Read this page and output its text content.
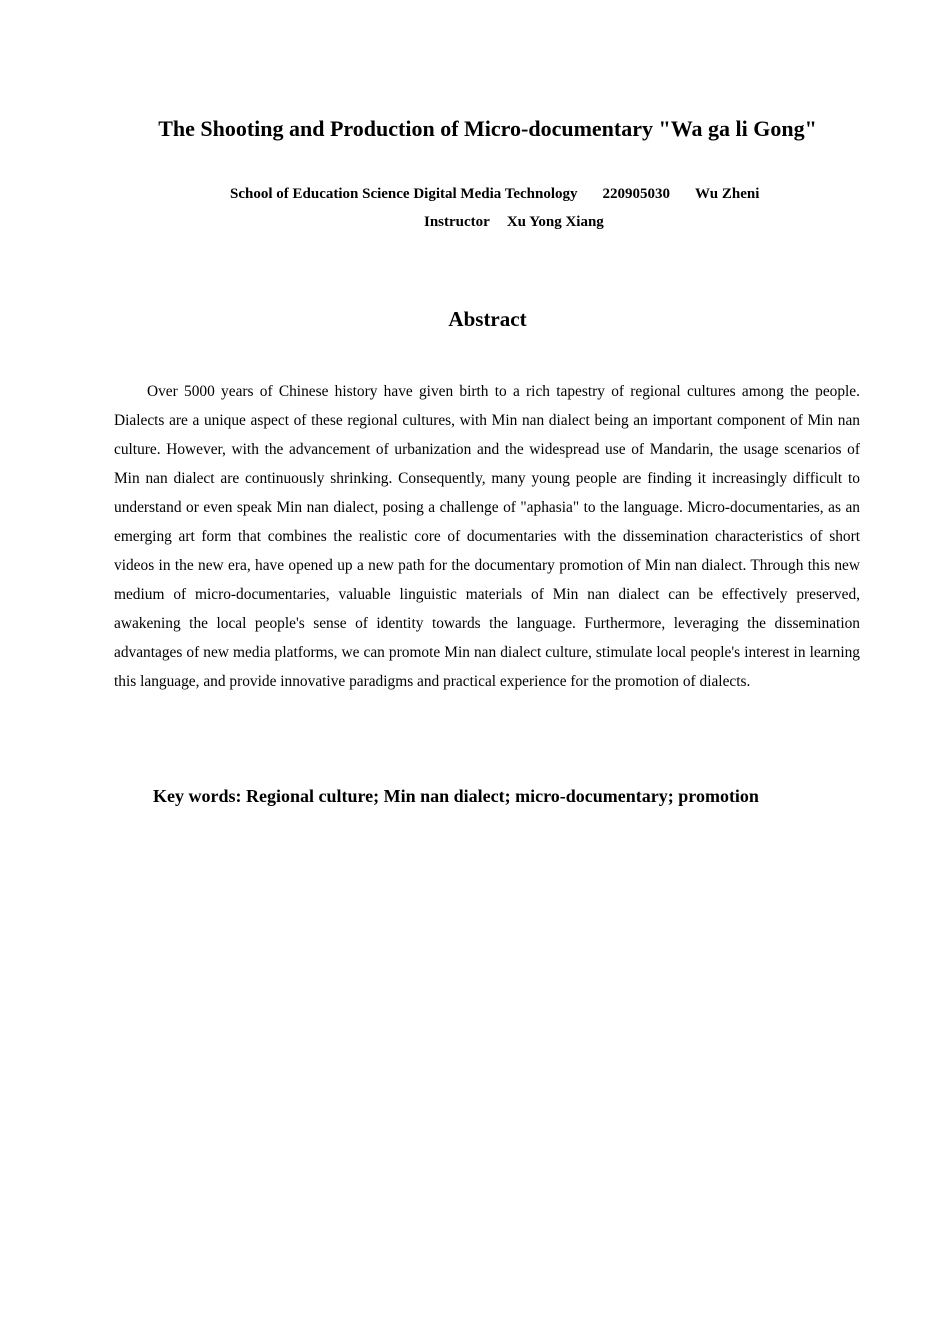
The Shooting and Production of Micro-documentary "Wa ga li Gong"
School of Education Science Digital Media Technology 220905030 Wu Zheni
Instructor Xu Yong Xiang
Abstract

Over 5000 years of Chinese history have given birth to a rich tapestry of regional cultures among the people. Dialects are a unique aspect of these regional cultures, with Min nan dialect being an important component of Min nan culture. However, with the advancement of urbanization and the widespread use of Mandarin, the usage scenarios of Min nan dialect are continuously shrinking. Consequently, many young people are finding it increasingly difficult to understand or even speak Min nan dialect, posing a challenge of "aphasia" to the language. Micro-documentaries, as an emerging art form that combines the realistic core of documentaries with the dissemination characteristics of short videos in the new era, have opened up a new path for the documentary promotion of Min nan dialect. Through this new medium of micro-documentaries, valuable linguistic materials of Min nan dialect can be effectively preserved, awakening the local people's sense of identity towards the language. Furthermore, leveraging the dissemination advantages of new media platforms, we can promote Min nan dialect culture, stimulate local people's interest in learning this language, and provide innovative paradigms and practical experience for the promotion of dialects.

Key words: Regional culture; Min nan dialect; micro-documentary; promotion
